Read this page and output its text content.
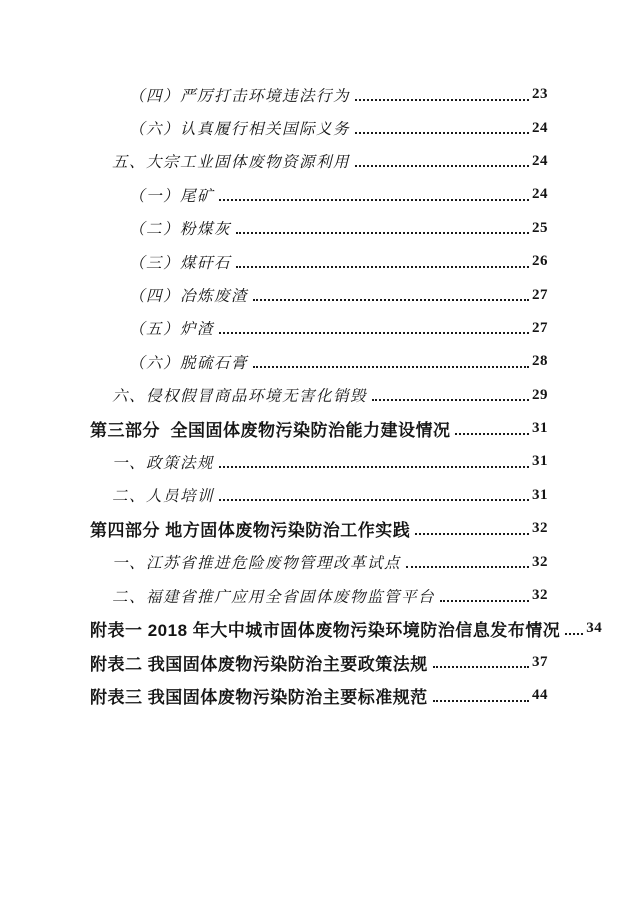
（四）严厉打击环境违法行为	23
（六）认真履行相关国际义务	24
五、大宗工业固体废物资源利用	24
（一）尾矿	24
（二）粉煤灰	25
（三）煤矸石	26
（四）冶炼废渣	27
（五）炉渣	27
（六）脱硫石膏	28
六、侵权假冒商品环境无害化销毁	29
第三部分  全国固体废物污染防治能力建设情况	31
一、政策法规	31
二、人员培训	31
第四部分 地方固体废物污染防治工作实践	32
一、江苏省推进危险废物管理改革试点	32
二、福建省推广应用全省固体废物监管平台	32
附表一 2018 年大中城市固体废物污染环境防治信息发布情况 34
附表二 我国固体废物污染防治主要政策法规	37
附表三 我国固体废物污染防治主要标准规范	44
